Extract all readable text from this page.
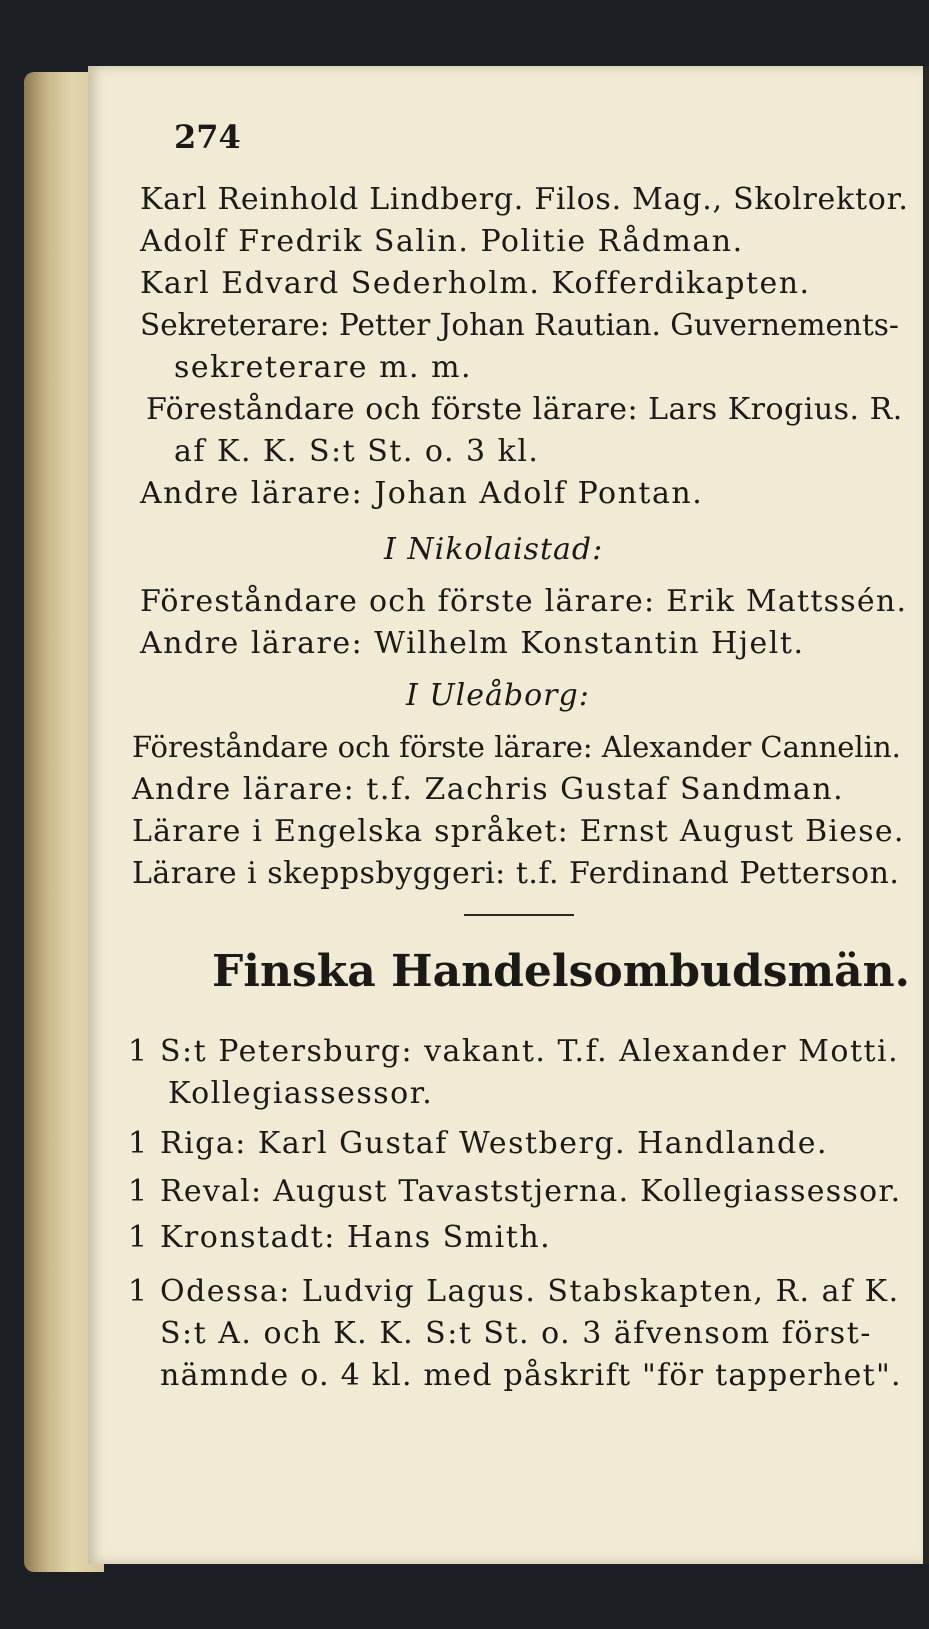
274
Karl Reinhold Lindberg. Filos. Mag., Skolrektor.
Adolf Fredrik Salin. Politie Rådman.
Karl Edvard Sederholm. Kofferdikapten.
Sekreterare: Petter Johan Rautian. Guvernements-
sekreterare m. m.
Föreståndare och förste lärare: Lars Krogius. R.
af K. K. S:t St. o. 3 kl.
Andre lärare: Johan Adolf Pontan.
I Nikolaistad:
Föreståndare och förste lärare: Erik Mattssén.
Andre lärare: Wilhelm Konstantin Hjelt.
I Uleåborg:
Föreståndare och förste lärare: Alexander Cannelin.
Andre lärare: t.f. Zachris Gustaf Sandman.
Lärare i Engelska språket: Ernst August Biese.
Lärare i skeppsbyggeri: t.f. Ferdinand Petterson.
Finska Handelsombudsmän.
1 S:t Petersburg: vakant. T.f. Alexander Motti.
Kollegiassessor.
1 Riga: Karl Gustaf Westberg. Handlande.
1 Reval: August Tavaststjerna. Kollegiassessor.
1 Kronstadt: Hans Smith.
1 Odessa: Ludvig Lagus. Stabskapten, R. af K.
S:t A. och K. K. S:t St. o. 3 äfvensom först-
nämnde o. 4 kl. med påskrift "för tapperhet".
